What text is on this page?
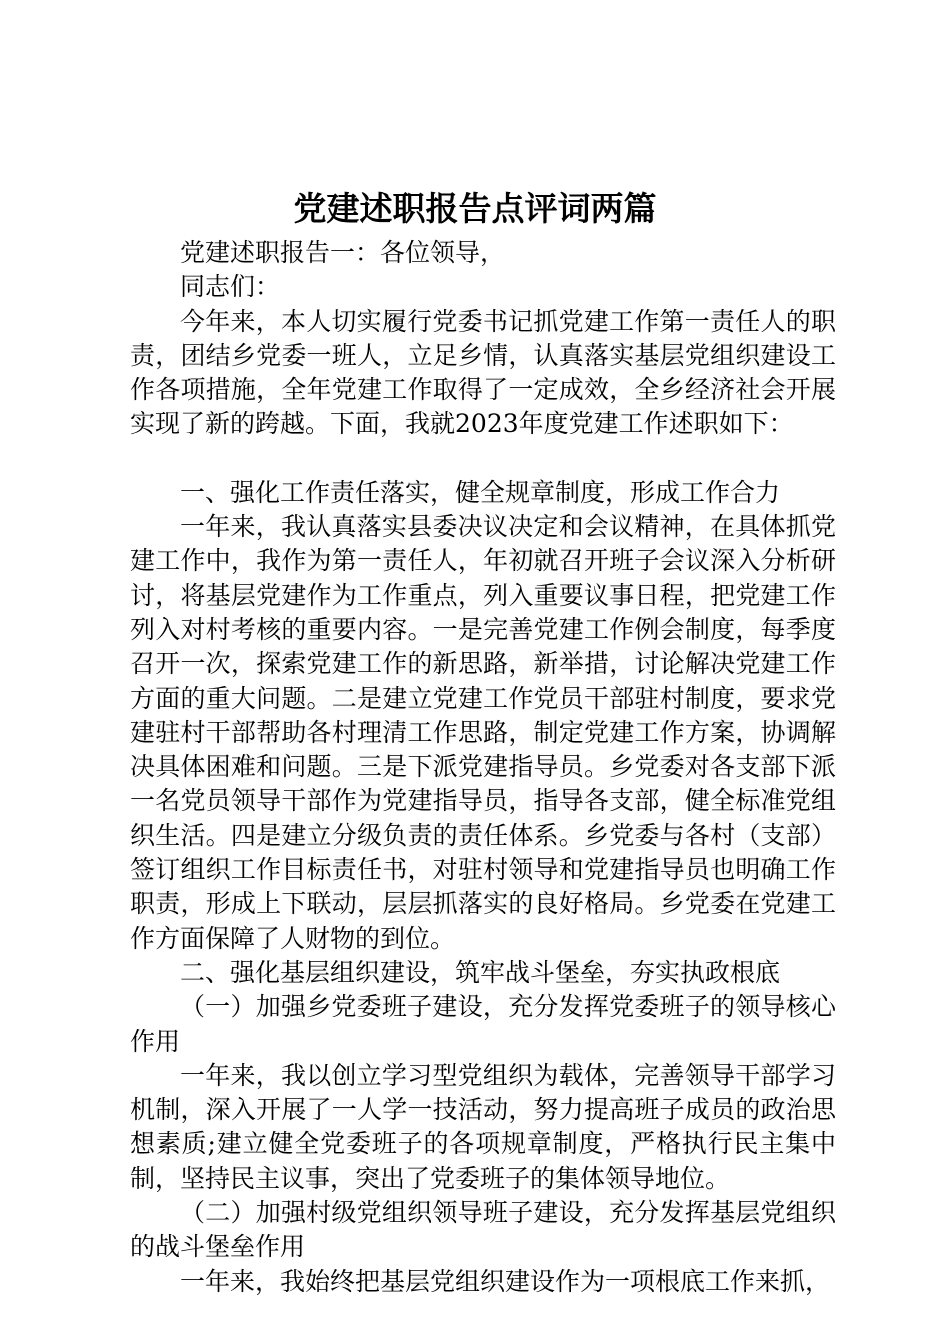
党建述职报告点评词两篇

党建述职报告一：各位领导，

同志们：

今年来，本人切实履行党委书记抓党建工作第一责任人的职责，团结乡党委一班人，立足乡情，认真落实基层党组织建设工作各项措施，全年党建工作取得了一定成效，全乡经济社会开展实现了新的跨越。下面，我就2023年度党建工作述职如下：

一、强化工作责任落实，健全规章制度，形成工作合力

一年来，我认真落实县委决议决定和会议精神，在具体抓党建工作中，我作为第一责任人，年初就召开班子会议深入分析研讨，将基层党建作为工作重点，列入重要议事日程，把党建工作列入对村考核的重要内容。一是完善党建工作例会制度，每季度召开一次，探索党建工作的新思路，新举措，讨论解决党建工作方面的重大问题。二是建立党建工作党员干部驻村制度，要求党建驻村干部帮助各村理清工作思路，制定党建工作方案，协调解决具体困难和问题。三是下派党建指导员。乡党委对各支部下派一名党员领导干部作为党建指导员，指导各支部，健全标准党组织生活。四是建立分级负责的责任体系。乡党委与各村（支部）签订组织工作目标责任书，对驻村领导和党建指导员也明确工作职责，形成上下联动，层层抓落实的良好格局。乡党委在党建工作方面保障了人财物的到位。

二、强化基层组织建设，筑牢战斗堡垒，夯实执政根底

（一）加强乡党委班子建设，充分发挥党委班子的领导核心作用

一年来，我以创立学习型党组织为载体，完善领导干部学习机制，深入开展了一人学一技活动，努力提高班子成员的政治思想素质;建立健全党委班子的各项规章制度，严格执行民主集中制，坚持民主议事，突出了党委班子的集体领导地位。

（二）加强村级党组织领导班子建设，充分发挥基层党组织的战斗堡垒作用

一年来，我始终把基层党组织建设作为一项根底工作来抓，
